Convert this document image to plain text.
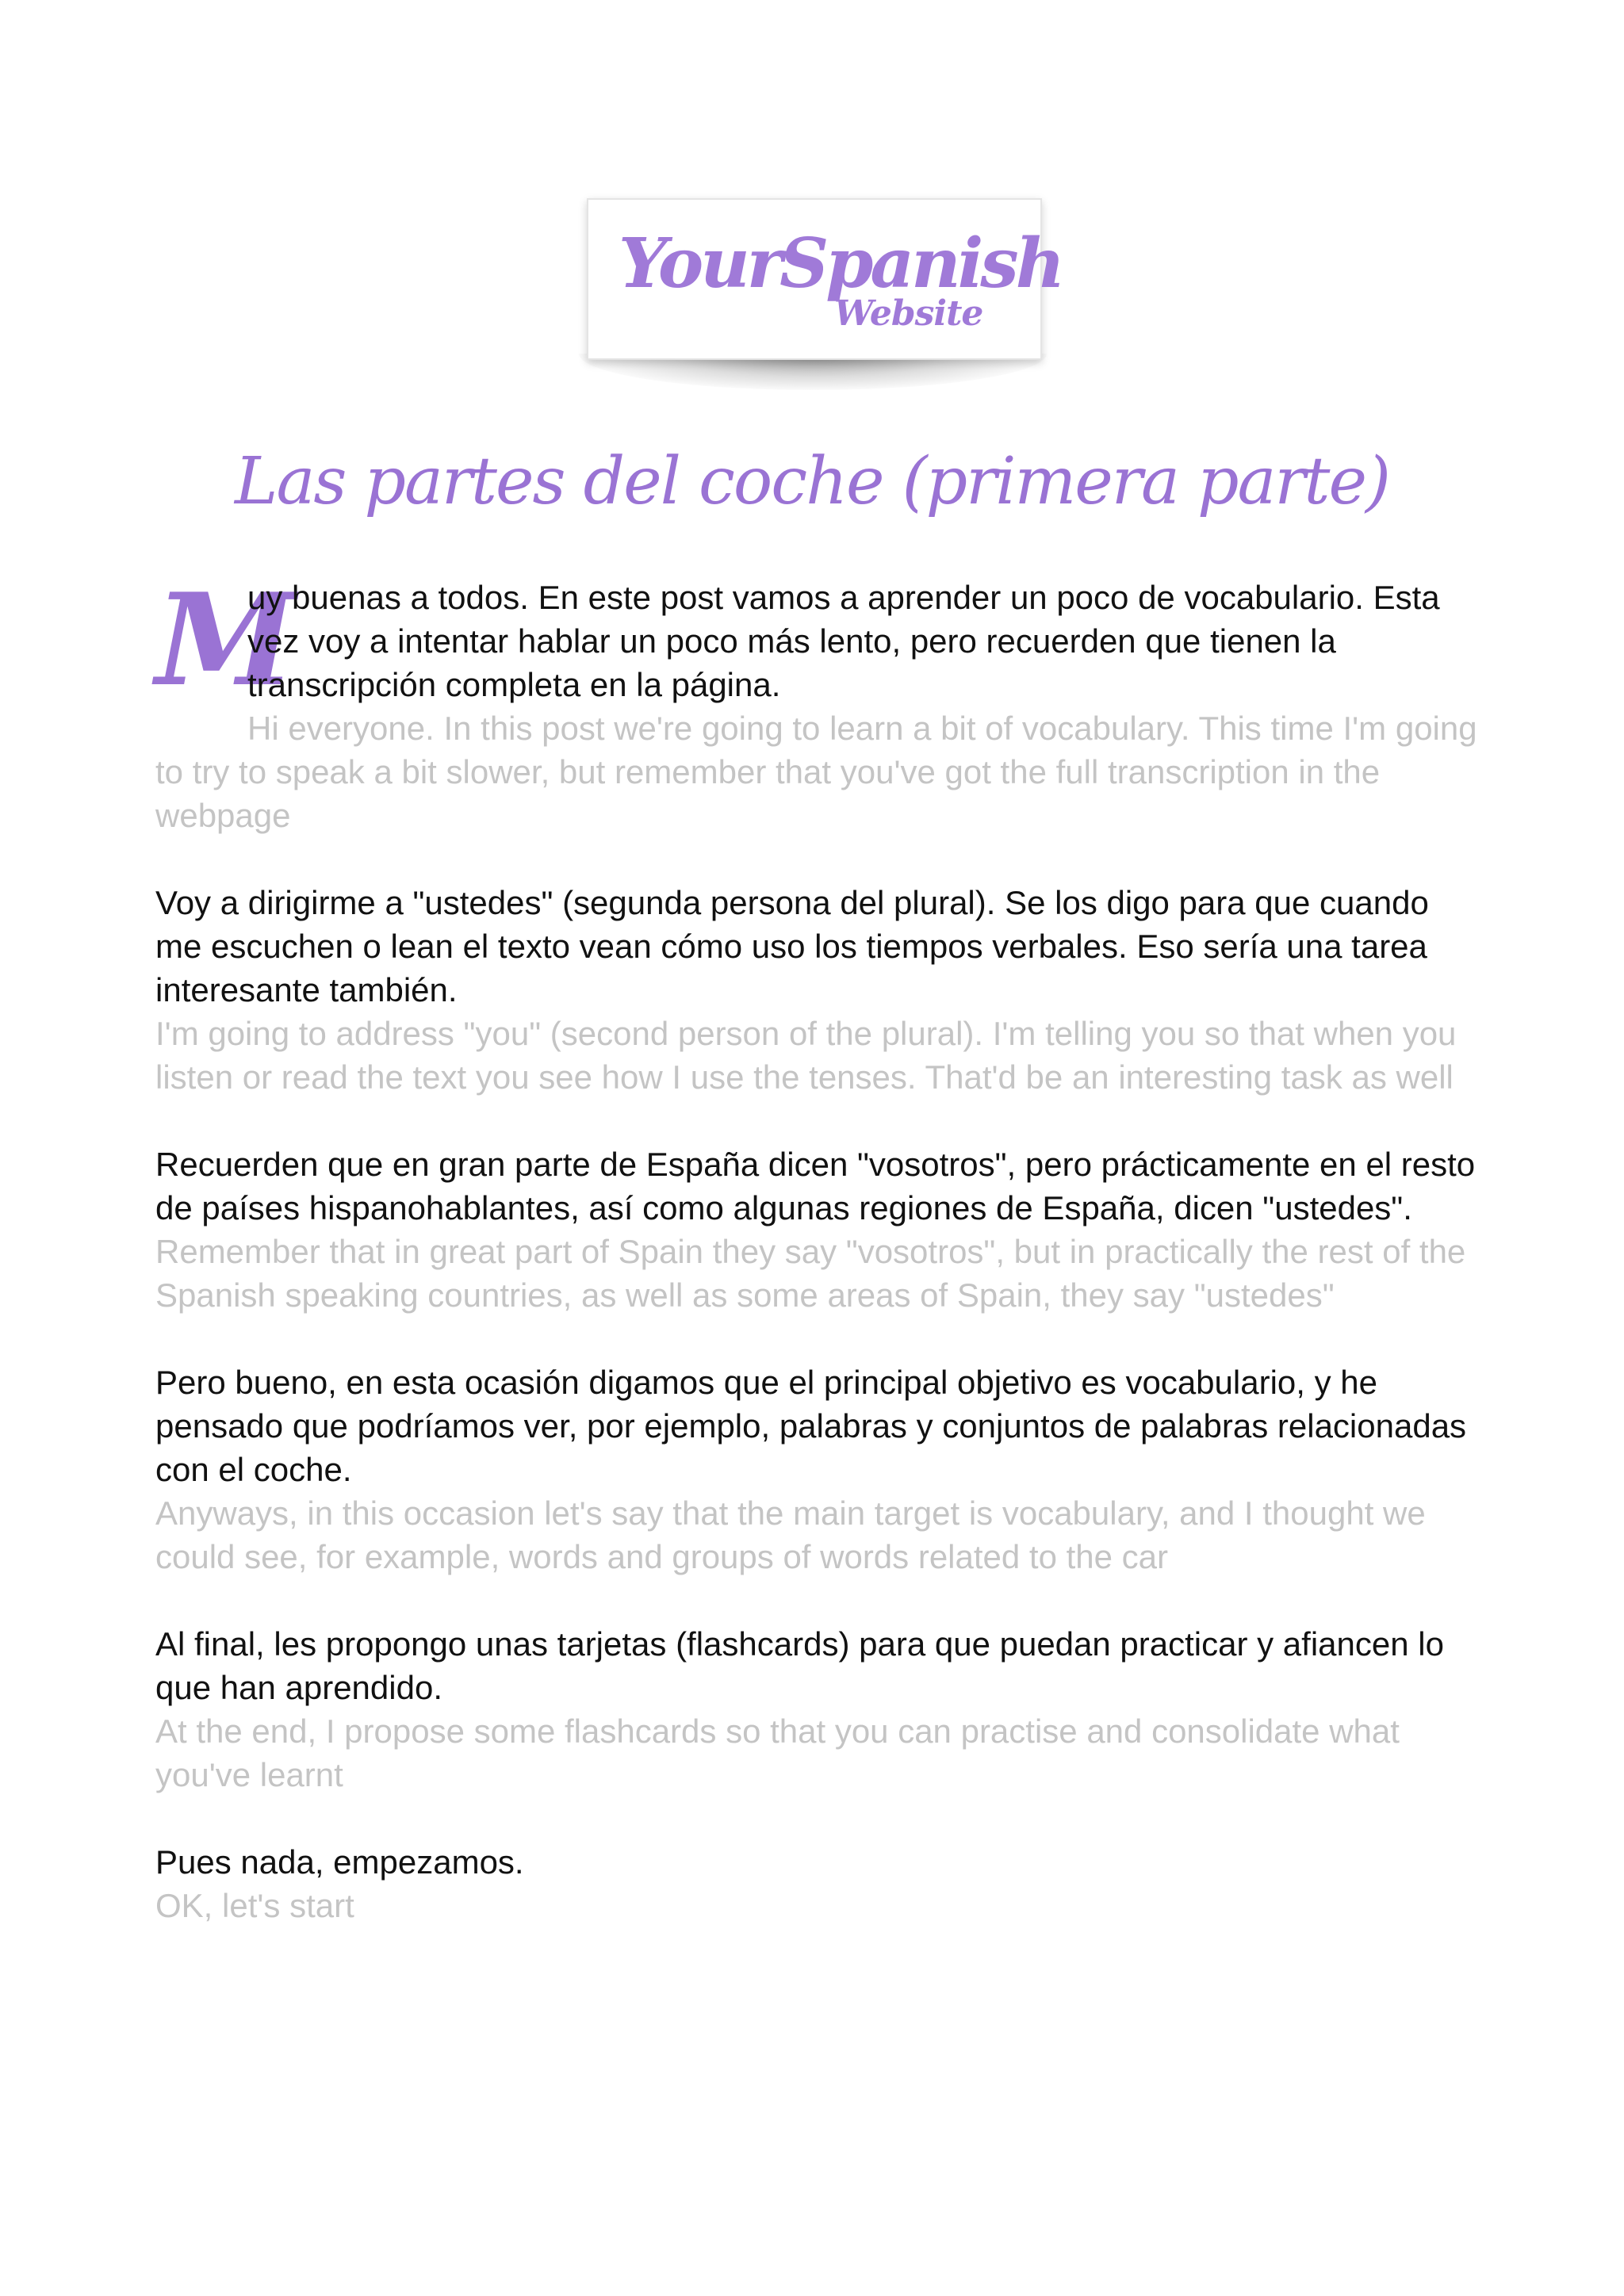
YourSpanish
Website
Las partes del coche (primera parte)
M

uy buenas a todos. En este post vamos a aprender un poco de vocabulario. Esta vez voy a intentar hablar un poco más lento, pero recuerden que tienen la transcripción completa en la página.

Hi everyone. In this post we're going to learn a bit of vocabulary. This time I'm going to try to speak a bit slower, but remember that you've got the full transcription in the webpage

Voy a dirigirme a "ustedes" (segunda persona del plural). Se los digo para que cuando me escuchen o lean el texto vean cómo uso los tiempos verbales. Eso sería una tarea interesante también.

I'm going to address "you" (second person of the plural). I'm telling you so that when you listen or read the text you see how I use the tenses. That'd be an interesting task as well

Recuerden que en gran parte de España dicen "vosotros", pero prácticamente en el resto de países hispanohablantes, así como algunas regiones de España, dicen "ustedes".

Remember that in great part of Spain they say "vosotros", but in practically the rest of the Spanish speaking countries, as well as some areas of Spain, they say "ustedes"

Pero bueno, en esta ocasión digamos que el principal objetivo es vocabulario, y he pensado que podríamos ver, por ejemplo, palabras y conjuntos de palabras relacionadas con el coche.

Anyways, in this occasion let's say that the main target is vocabulary, and I thought we could see, for example, words and groups of words related to the car

Al final, les propongo unas tarjetas (flashcards) para que puedan practicar y afiancen lo que han aprendido.

At the end, I propose some flashcards so that you can practise and consolidate what you've learnt

Pues nada, empezamos.

OK, let's start
